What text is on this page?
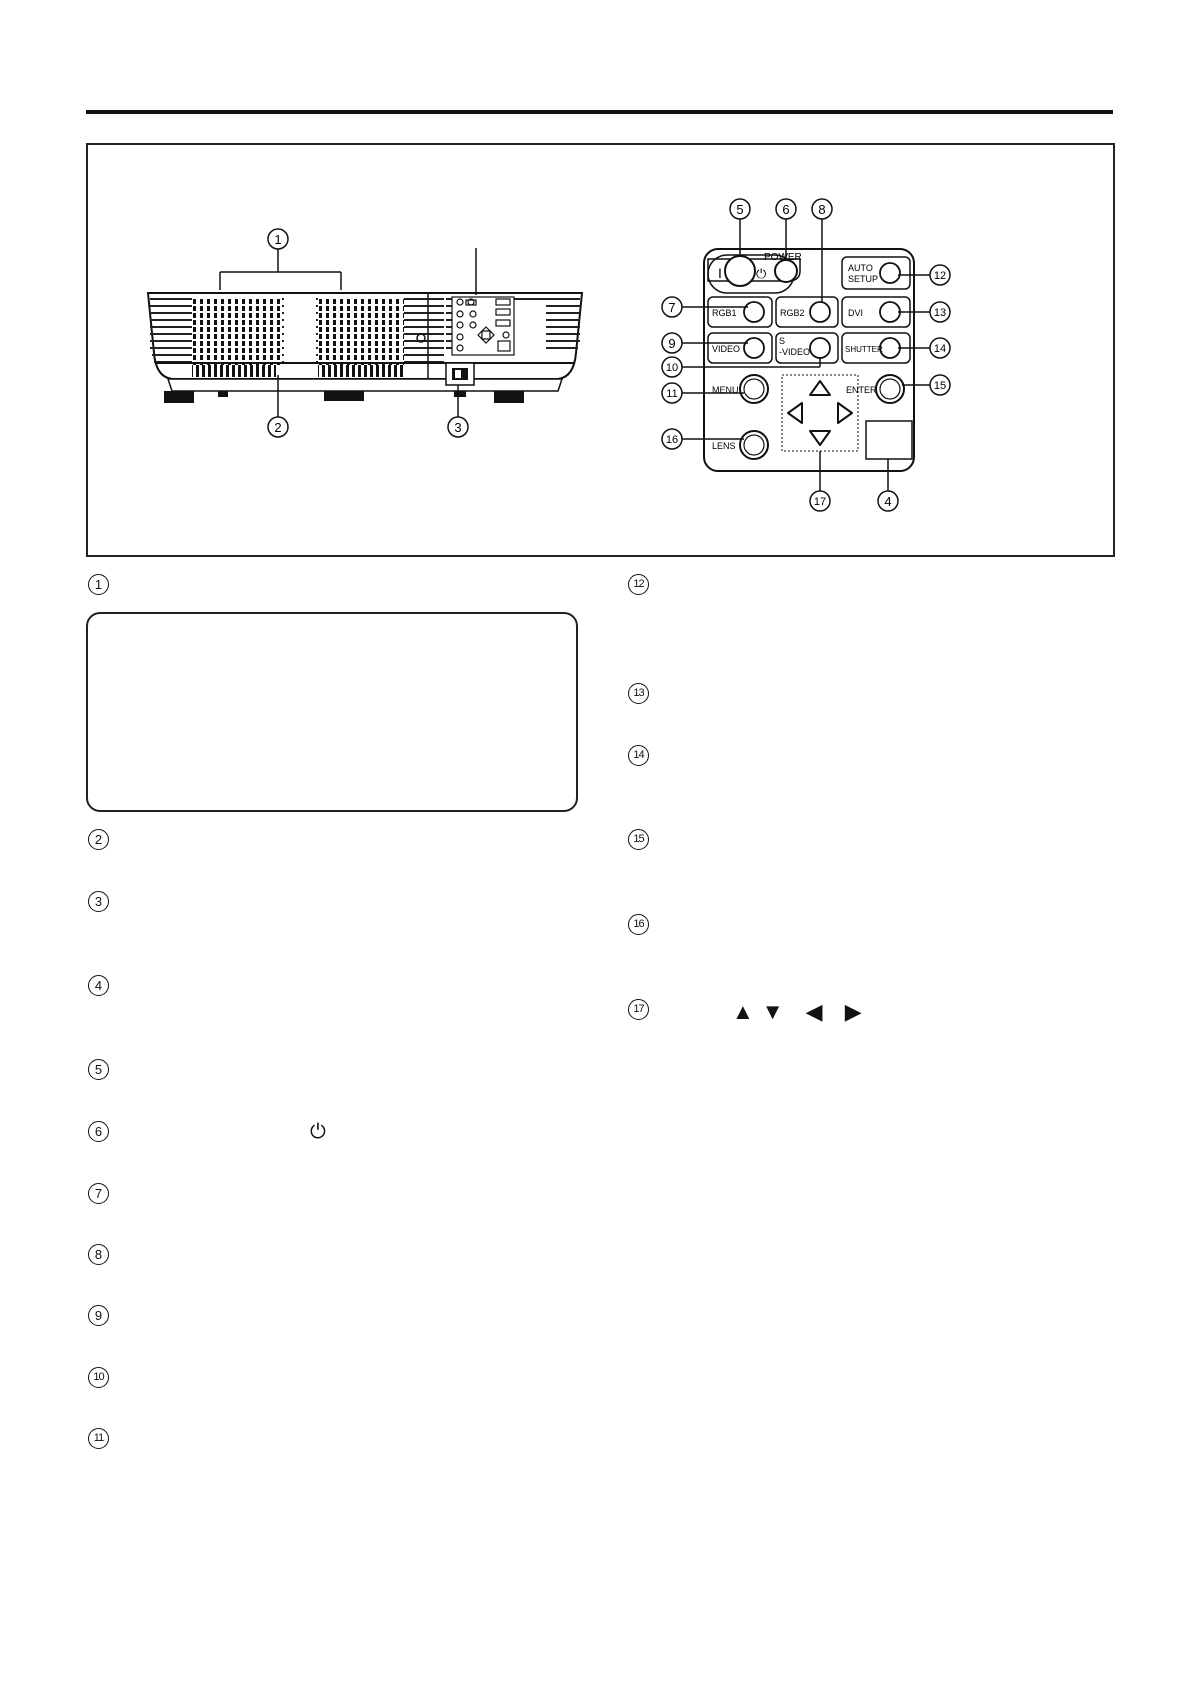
I	⏻
POWER
AUTO
SETUP
RGB1	RGB2	DVI
VIDEO
S
-VIDEO	SHUTTER
MENU	ENTER
LENS
1
2	3
5	6 8
12
7	13
9	14
10
11
15
16
17	4
1
2
3
4
5
6	⏻
7
8
9
10
11
12
13
14
15
16
17	▲▼ ◀ ▶
